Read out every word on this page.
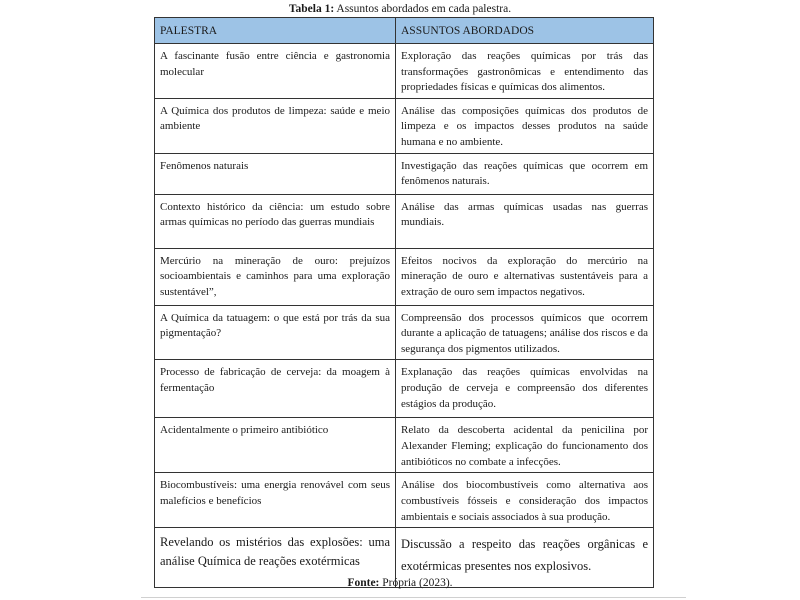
Tabela 1: Assuntos abordados em cada palestra.
PALESTRA	ASSUNTOS ABORDADOS
A fascinante fusão entre ciência e gastronomia molecular	Exploração das reações químicas por trás das transformações gastronômicas e entendimento das propriedades físicas e químicas dos alimentos.
A Química dos produtos de limpeza: saúde e meio ambiente	Análise das composições químicas dos produtos de limpeza e os impactos desses produtos na saúde humana e no ambiente.
Fenômenos naturais	Investigação das reações químicas que ocorrem em fenômenos naturais.
Contexto histórico da ciência: um estudo sobre armas químicas no período das guerras mundiais	Análise das armas químicas usadas nas guerras mundiais.
Mercúrio na mineração de ouro: prejuízos socioambientais e caminhos para uma exploração sustentável”,	Efeitos nocivos da exploração do mercúrio na mineração de ouro e alternativas sustentáveis para a extração de ouro sem impactos negativos.
A Química da tatuagem: o que está por trás da sua pigmentação?	Compreensão dos processos químicos que ocorrem durante a aplicação de tatuagens; análise dos riscos e da segurança dos pigmentos utilizados.
Processo de fabricação de cerveja: da moagem à fermentação	Explanação das reações químicas envolvidas na produção de cerveja e compreensão dos diferentes estágios da produção.
Acidentalmente o primeiro antibiótico	Relato da descoberta acidental da penicilina por Alexander Fleming; explicação do funcionamento dos antibióticos no combate a infecções.
Biocombustíveis: uma energia renovável com seus malefícios e benefícios	Análise dos biocombustíveis como alternativa aos combustíveis fósseis e consideração dos impactos ambientais e sociais associados à sua produção.
Revelando os mistérios das explosões: uma análise Química de reações exotérmicas	Discussão a respeito das reações orgânicas e exotérmicas presentes nos explosivos.
Fonte: Própria (2023).
